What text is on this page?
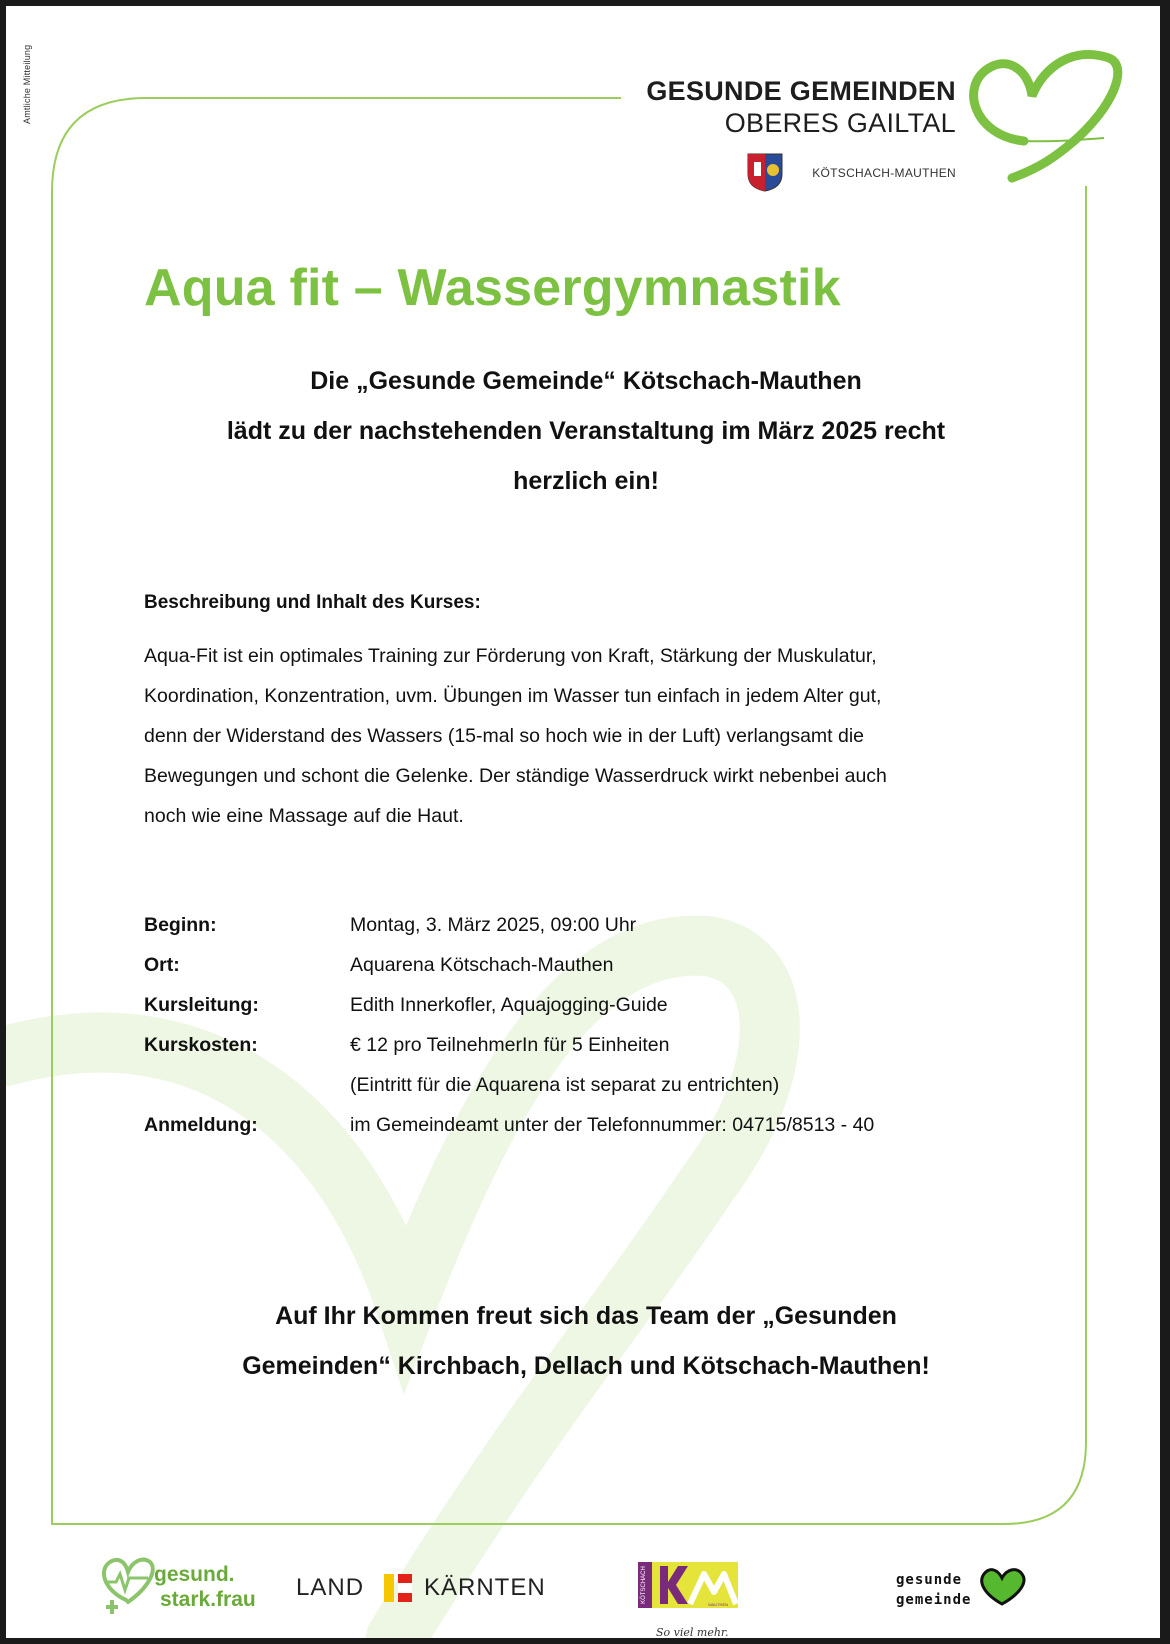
Amtliche Mitteilung	GESUNDE GEMEINDEN
OBERES GAILTAL
KÖTSCHACH-MAUTHEN
Aqua fit – Wassergymnastik
Die „Gesunde Gemeinde“ Kötschach-Mauthen
lädt zu der nachstehenden Veranstaltung im März 2025 recht
herzlich ein!
Beschreibung und Inhalt des Kurses:
Aqua-Fit ist ein optimales Training zur Förderung von Kraft, Stärkung der Muskulatur,
Koordination, Konzentration, uvm. Übungen im Wasser tun einfach in jedem Alter gut,
denn der Widerstand des Wassers (15-mal so hoch wie in der Luft) verlangsamt die
Bewegungen und schont die Gelenke. Der ständige Wasserdruck wirkt nebenbei auch
noch wie eine Massage auf die Haut.
Beginn:	Montag, 3. März 2025, 09:00 Uhr
Ort:	Aquarena Kötschach-Mauthen
Kursleitung:	Edith Innerkofler, Aquajogging-Guide
Kurskosten:	€ 12 pro TeilnehmerIn für 5 Einheiten
(Eintritt für die Aquarena ist separat zu entrichten)
Anmeldung:	im Gemeindeamt unter der Telefonnummer: 04715/8513 - 40
Auf Ihr Kommen freut sich das Team der „Gesunden
Gemeinden“ Kirchbach, Dellach und Kötschach-Mauthen!
gesund.
stark.frau LAND KÄRNTEN	KÖTSCHACH
MAUTHEN
So viel mehr.
gesunde
gemeinde
